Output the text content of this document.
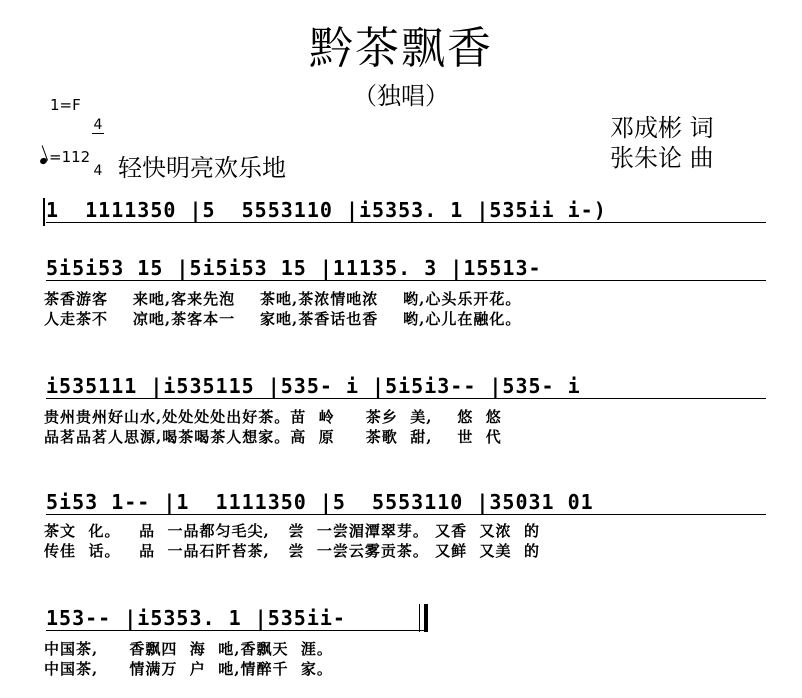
黔茶飘香
（独唱）
1=F

4

4

邓成彬 词
张朱论 曲
=112 轻快明亮欢乐地
1  1111350 |5  5553110 |i5353. 1 |535ii i-)
5i5i53 15 |5i5i53 15 |11135. 3 |15513-
茶香游客    来吔,客来先泡    茶吔,茶浓情吔浓    哟,心头乐开花。
人走茶不    凉吔,茶客本一    家吔,茶香话也香    哟,心儿在融化。
i535111 |i535115 |535- i |5i5i3-- |535- i
贵州贵州好山水,处处处处出好茶。苗  岭     茶乡  美,    悠  悠
品茗品茗人思源,喝茶喝茶人想家。高  原     茶歌  甜,    世  代
5i53 1-- |1  1111350 |5  5553110 |35031 01
茶文  化。   品  一品都匀毛尖,   尝  一尝湄潭翠芽。 又香  又浓  的
传佳  话。   品  一品石阡苔茶,   尝  一尝云雾贡茶。 又鲜  又美  的
153-- |i5353. 1 |535ii-
中国茶,     香飘四  海  吔,香飘天  涯。
中国茶,     情满万  户  吔,情醉千  家。
